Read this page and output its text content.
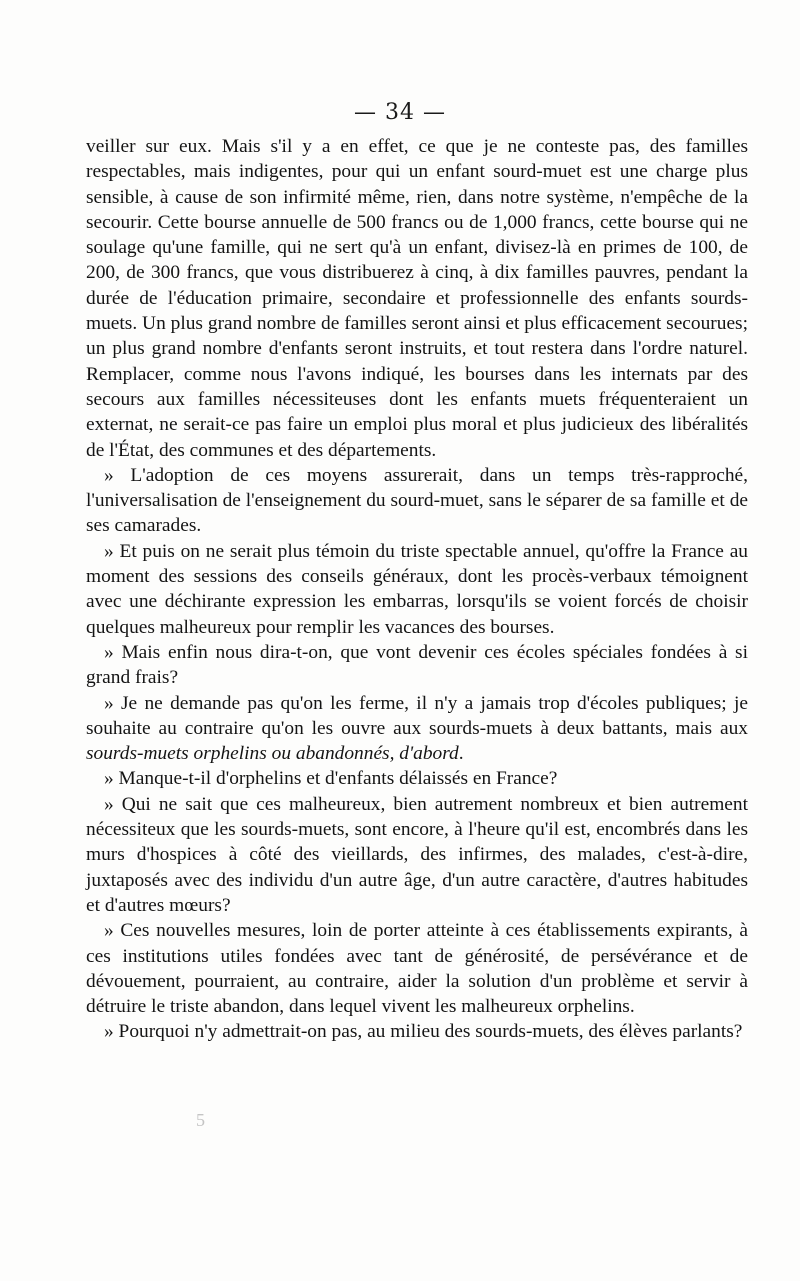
— 34 —

veiller sur eux. Mais s'il y a en effet, ce que je ne conteste pas, des familles respectables, mais indigentes, pour qui un enfant sourd-muet est une charge plus sensible, à cause de son infirmité même, rien, dans notre système, n'empêche de la secourir. Cette bourse annuelle de 500 francs ou de 1,000 francs, cette bourse qui ne soulage qu'une famille, qui ne sert qu'à un enfant, divisez-là en primes de 100, de 200, de 300 francs, que vous distribuerez à cinq, à dix familles pauvres, pendant la durée de l'éducation primaire, secondaire et professionnelle des enfants sourds-muets. Un plus grand nombre de familles seront ainsi et plus efficacement secourues; un plus grand nombre d'enfants seront instruits, et tout restera dans l'ordre naturel. Remplacer, comme nous l'avons indiqué, les bourses dans les internats par des secours aux familles nécessiteuses dont les enfants muets fréquenteraient un externat, ne serait-ce pas faire un emploi plus moral et plus judicieux des libéralités de l'État, des communes et des départements.

» L'adoption de ces moyens assurerait, dans un temps très-rapproché, l'universalisation de l'enseignement du sourd-muet, sans le séparer de sa famille et de ses camarades.

» Et puis on ne serait plus témoin du triste spectable annuel, qu'offre la France au moment des sessions des conseils généraux, dont les procès-verbaux témoignent avec une déchirante expression les embarras, lorsqu'ils se voient forcés de choisir quelques malheureux pour remplir les vacances des bourses.

» Mais enfin nous dira-t-on, que vont devenir ces écoles spéciales fondées à si grand frais?

» Je ne demande pas qu'on les ferme, il n'y a jamais trop d'écoles publiques; je souhaite au contraire qu'on les ouvre aux sourds-muets à deux battants, mais aux sourds-muets orphelins ou abandonnés, d'abord.

» Manque-t-il d'orphelins et d'enfants délaissés en France?

» Qui ne sait que ces malheureux, bien autrement nombreux et bien autrement nécessiteux que les sourds-muets, sont encore, à l'heure qu'il est, encombrés dans les murs d'hospices à côté des vieillards, des infirmes, des malades, c'est-à-dire, juxtaposés avec des individu d'un autre âge, d'un autre caractère, d'autres habitudes et d'autres mœurs?

» Ces nouvelles mesures, loin de porter atteinte à ces établissements expirants, à ces institutions utiles fondées avec tant de générosité, de persévérance et de dévouement, pourraient, au contraire, aider la solution d'un problème et servir à détruire le triste abandon, dans lequel vivent les malheureux orphelins.

» Pourquoi n'y admettrait-on pas, au milieu des sourds-muets, des élèves parlants?

5
